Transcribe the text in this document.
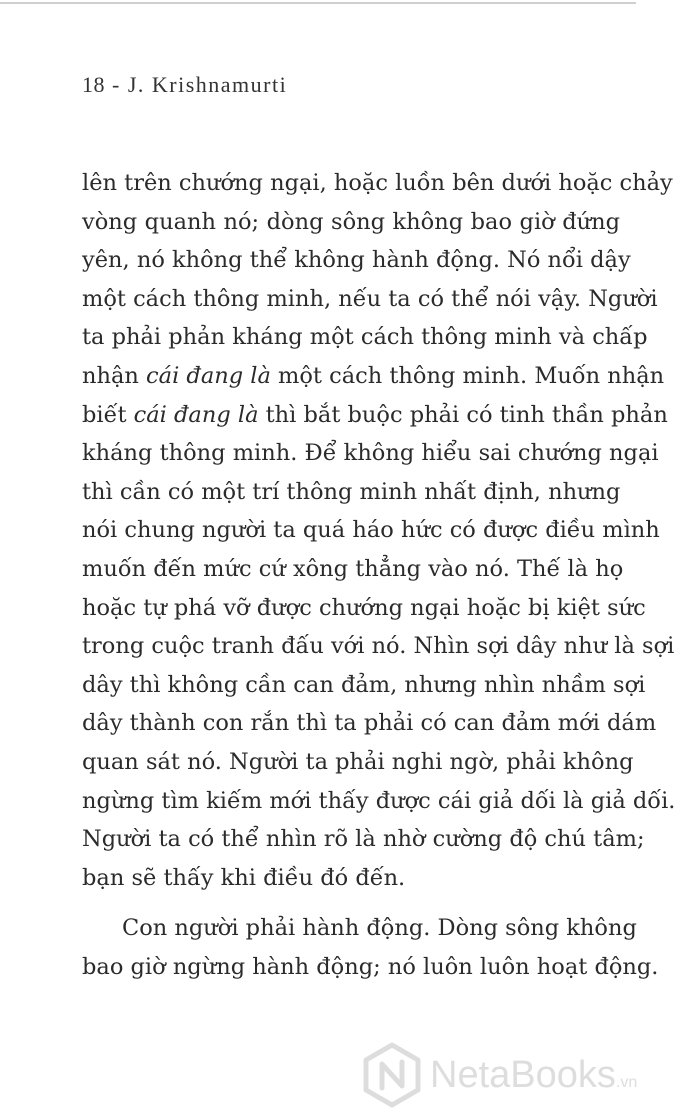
18 - J. Krishnamurti
lên trên chướng ngại, hoặc luồn bên dưới hoặc chảy
vòng quanh nó; dòng sông không bao giờ đứng
yên, nó không thể không hành động. Nó nổi dậy
một cách thông minh, nếu ta có thể nói vậy. Người
ta phải phản kháng một cách thông minh và chấp
nhận cái đang là một cách thông minh. Muốn nhận
biết cái đang là thì bắt buộc phải có tinh thần phản
kháng thông minh. Để không hiểu sai chướng ngại
thì cần có một trí thông minh nhất định, nhưng
nói chung người ta quá háo hức có được điều mình
muốn đến mức cứ xông thẳng vào nó. Thế là họ
hoặc tự phá vỡ được chướng ngại hoặc bị kiệt sức
trong cuộc tranh đấu với nó. Nhìn sợi dây như là sợi
dây thì không cần can đảm, nhưng nhìn nhầm sợi
dây thành con rắn thì ta phải có can đảm mới dám
quan sát nó. Người ta phải nghi ngờ, phải không
ngừng tìm kiếm mới thấy được cái giả dối là giả dối.
Người ta có thể nhìn rõ là nhờ cường độ chú tâm;
bạn sẽ thấy khi điều đó đến.
Con người phải hành động. Dòng sông không
bao giờ ngừng hành động; nó luôn luôn hoạt động.
NetaBooks.vn
